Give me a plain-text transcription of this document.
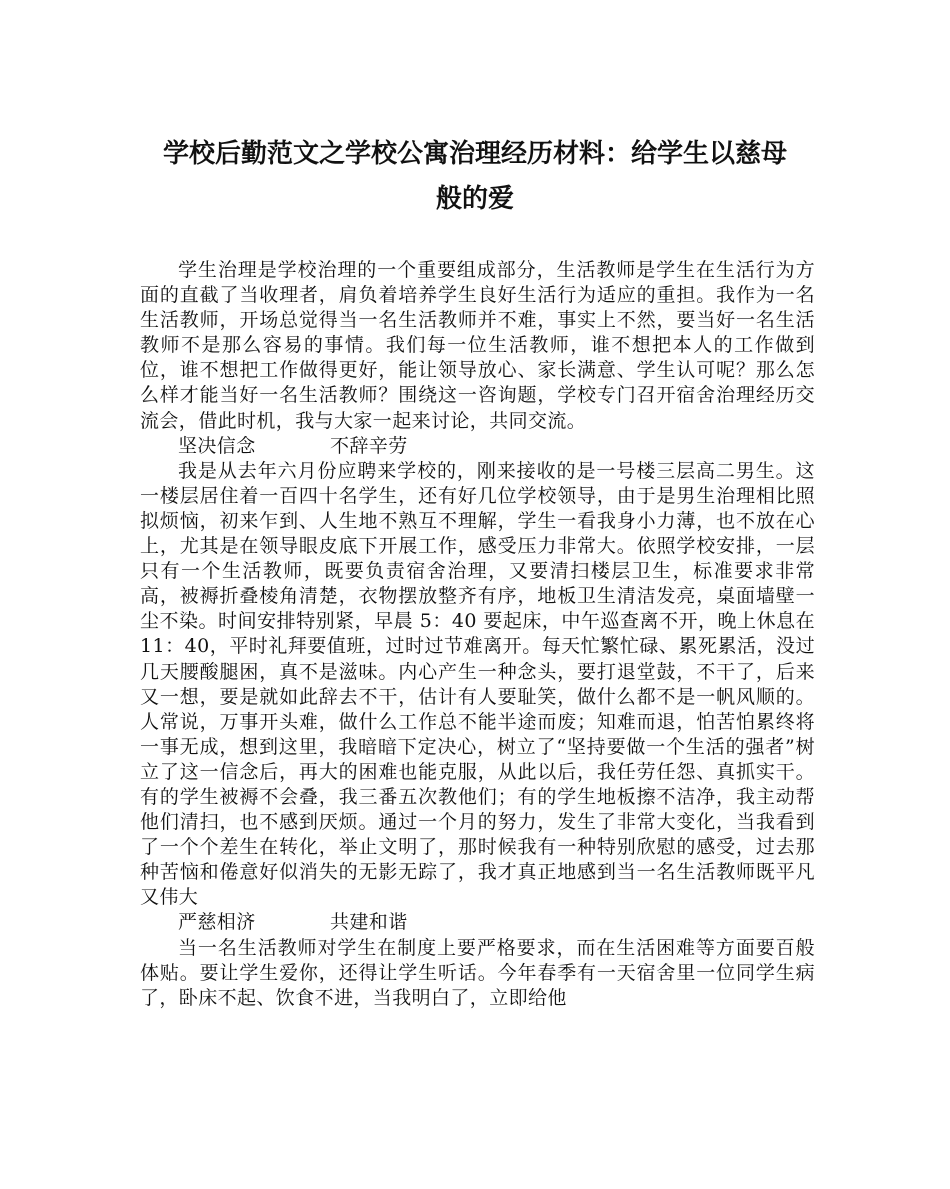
学校后勤范文之学校公寓治理经历材料：给学生以慈母
般的爱

学生治理是学校治理的一个重要组成部分，生活教师是学生在生活行为方面的直截了当收理者，肩负着培养学生良好生活行为适应的重担。我作为一名生活教师，开场总觉得当一名生活教师并不难，事实上不然，要当好一名生活教师不是那么容易的事情。我们每一位生活教师，谁不想把本人的工作做到位，谁不想把工作做得更好，能让领导放心、家长满意、学生认可呢？那么怎么样才能当好一名生活教师？围绕这一咨询题，学校专门召开宿舍治理经历交流会，借此时机，我与大家一起来讨论，共同交流。

坚决信念	不辞辛劳

我是从去年六月份应聘来学校的，刚来接收的是一号楼三层高二男生。这一楼层居住着一百四十名学生，还有好几位学校领导，由于是男生治理相比照拟烦恼，初来乍到、人生地不熟互不理解，学生一看我身小力薄，也不放在心上，尤其是在领导眼皮底下开展工作，感受压力非常大。依照学校安排，一层只有一个生活教师，既要负责宿舍治理，又要清扫楼层卫生，标准要求非常高，被褥折叠棱角清楚，衣物摆放整齐有序，地板卫生清洁发亮，桌面墙壁一尘不染。时间安排特别紧，早晨 5：40 要起床，中午巡查离不开，晚上休息在 11：40，平时礼拜要值班，过时过节难离开。每天忙繁忙碌、累死累活，没过几天腰酸腿困，真不是滋味。内心产生一种念头，要打退堂鼓，不干了，后来又一想，要是就如此辞去不干，估计有人要耻笑，做什么都不是一帆风顺的。人常说，万事开头难，做什么工作总不能半途而废；知难而退，怕苦怕累终将一事无成，想到这里，我暗暗下定决心，树立了“坚持要做一个生活的强者”树立了这一信念后，再大的困难也能克服，从此以后，我任劳任怨、真抓实干。有的学生被褥不会叠，我三番五次教他们；有的学生地板擦不洁净，我主动帮他们清扫，也不感到厌烦。通过一个月的努力，发生了非常大变化，当我看到了一个个差生在转化，举止文明了，那时候我有一种特别欣慰的感受，过去那种苦恼和倦意好似消失的无影无踪了，我才真正地感到当一名生活教师既平凡又伟大

严慈相济	共建和谐

当一名生活教师对学生在制度上要严格要求，而在生活困难等方面要百般体贴。要让学生爱你，还得让学生听话。今年春季有一天宿舍里一位同学生病了，卧床不起、饮食不进，当我明白了，立即给他
